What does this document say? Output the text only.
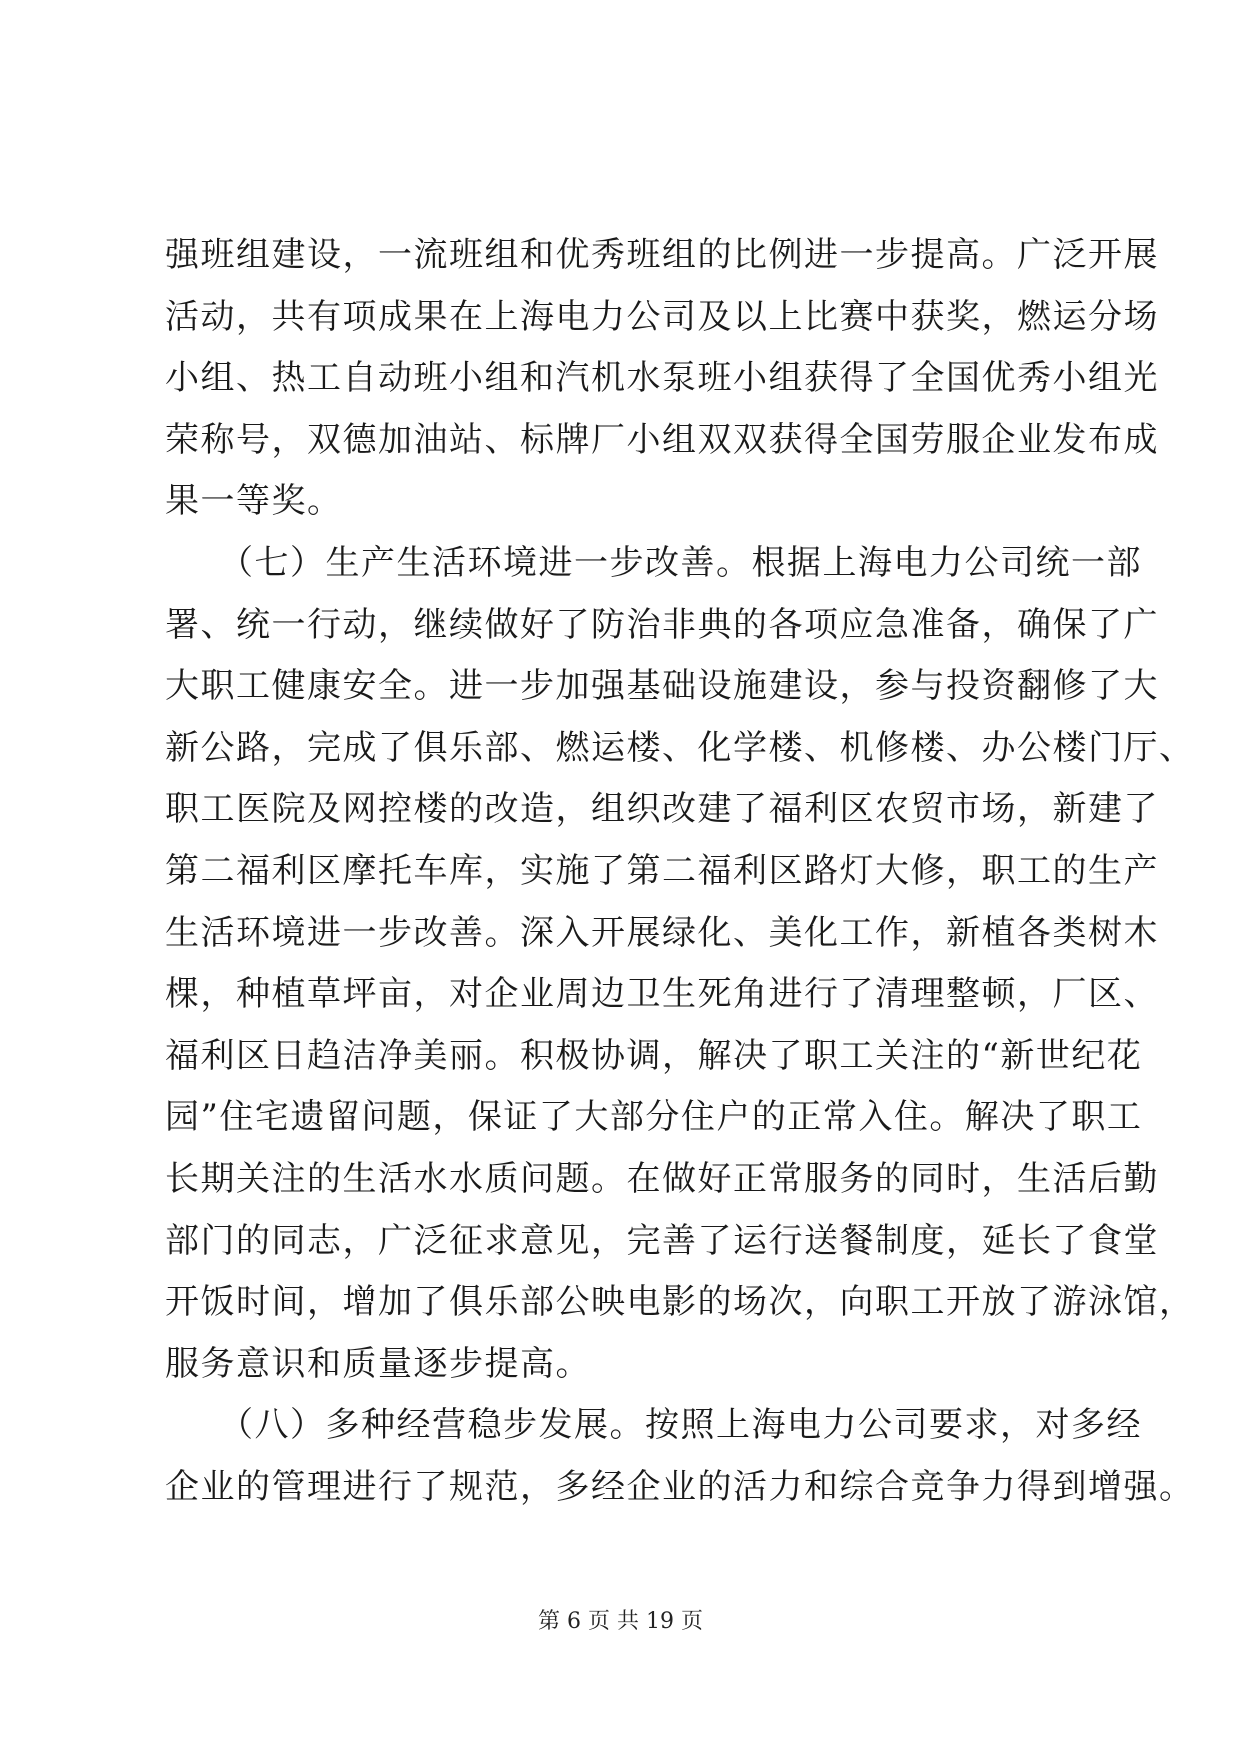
强班组建设，一流班组和优秀班组的比例进一步提高。广泛开展
活动，共有项成果在上海电力公司及以上比赛中获奖，燃运分场
小组、热工自动班小组和汽机水泵班小组获得了全国优秀小组光
荣称号，双德加油站、标牌厂小组双双获得全国劳服企业发布成
果一等奖。
　　（七）生产生活环境进一步改善。根据上海电力公司统一部
署、统一行动，继续做好了防治非典的各项应急准备，确保了广
大职工健康安全。进一步加强基础设施建设，参与投资翻修了大
新公路，完成了俱乐部、燃运楼、化学楼、机修楼、办公楼门厅、
职工医院及网控楼的改造，组织改建了福利区农贸市场，新建了
第二福利区摩托车库，实施了第二福利区路灯大修，职工的生产
生活环境进一步改善。深入开展绿化、美化工作，新植各类树木
棵，种植草坪亩，对企业周边卫生死角进行了清理整顿，厂区、
福利区日趋洁净美丽。积极协调，解决了职工关注的“新世纪花
园”住宅遗留问题，保证了大部分住户的正常入住。解决了职工
长期关注的生活水水质问题。在做好正常服务的同时，生活后勤
部门的同志，广泛征求意见，完善了运行送餐制度，延长了食堂
开饭时间，增加了俱乐部公映电影的场次，向职工开放了游泳馆，
服务意识和质量逐步提高。
　　（八）多种经营稳步发展。按照上海电力公司要求，对多经
企业的管理进行了规范，多经企业的活力和综合竞争力得到增强。
第 6 页 共 19 页
